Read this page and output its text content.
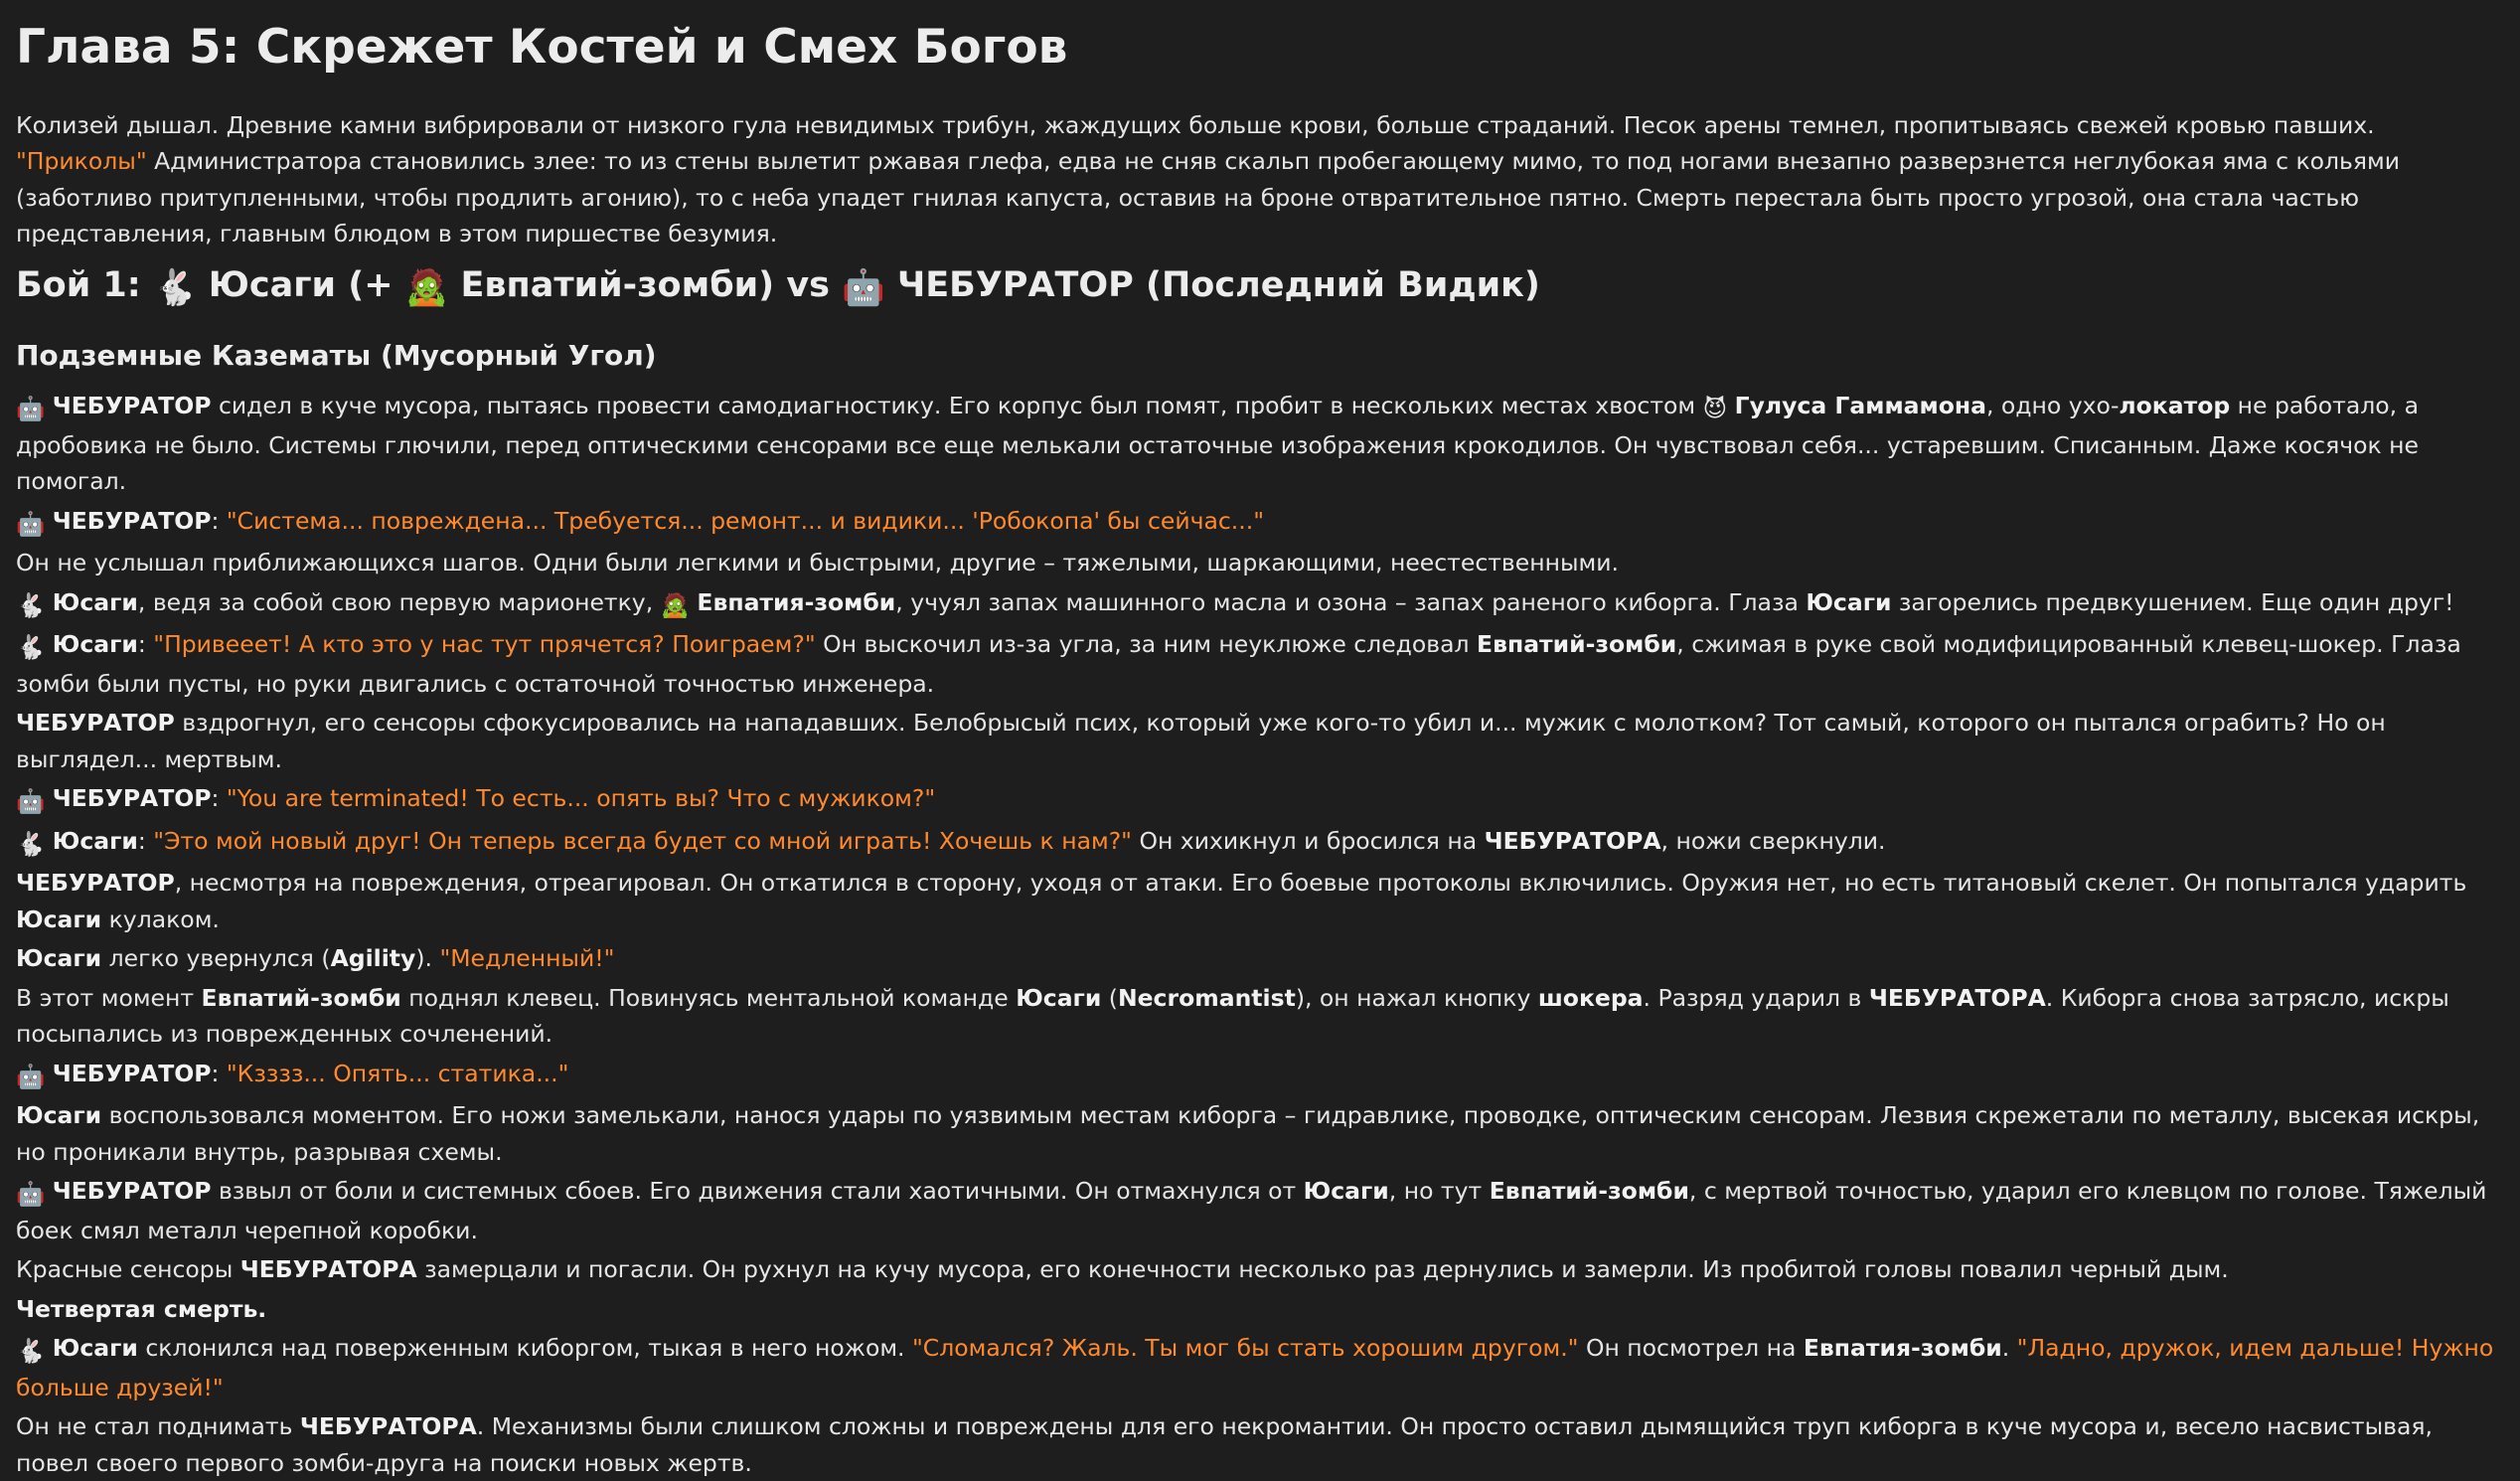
Глава 5: Скрежет Костей и Смех Богов

Колизей дышал. Древние камни вибрировали от низкого гула невидимых трибун, жаждущих больше крови, больше страданий. Песок арены темнел, пропитываясь свежей кровью павших. "Приколы" Администратора становились злее: то из стены вылетит ржавая глефа, едва не сняв скальп пробегающему мимо, то под ногами внезапно разверзнется неглубокая яма с кольями (заботливо притупленными, чтобы продлить агонию), то с неба упадет гнилая капуста, оставив на броне отвратительное пятно. Смерть перестала быть просто угрозой, она стала частью представления, главным блюдом в этом пиршестве безумия.

Бой 1: 🐇 Юсаги (+ 🧟 Евпатий-зомби) vs 🤖 ЧЕБУРАТОР (Последний Видик)
Подземные Казематы (Мусорный Угол)

🤖 ЧЕБУРАТОР сидел в куче мусора, пытаясь провести самодиагностику. Его корпус был помят, пробит в нескольких местах хвостом 😈 Гулуса Гаммамона, одно ухо-локатор не работало, а дробовика не было. Системы глючили, перед оптическими сенсорами все еще мелькали остаточные изображения крокодилов. Он чувствовал себя... устаревшим. Списанным. Даже косячок не помогал.

🤖 ЧЕБУРАТОР: "Система... повреждена... Требуется... ремонт... и видики... 'Робокопа' бы сейчас..."

Он не услышал приближающихся шагов. Одни были легкими и быстрыми, другие – тяжелыми, шаркающими, неестественными.

🐇 Юсаги, ведя за собой свою первую марионетку, 🧟 Евпатия-зомби, учуял запах машинного масла и озона – запах раненого киборга. Глаза Юсаги загорелись предвкушением. Еще один друг!

🐇 Юсаги: "Привееет! А кто это у нас тут прячется? Поиграем?" Он выскочил из-за угла, за ним неуклюже следовал Евпатий-зомби, сжимая в руке свой модифицированный клевец-шокер. Глаза зомби были пусты, но руки двигались с остаточной точностью инженера.

ЧЕБУРАТОР вздрогнул, его сенсоры сфокусировались на нападавших. Белобрысый псих, который уже кого-то убил и... мужик с молотком? Тот самый, которого он пытался ограбить? Но он выглядел... мертвым.

🤖 ЧЕБУРАТОР: "You are terminated! То есть... опять вы? Что с мужиком?"

🐇 Юсаги: "Это мой новый друг! Он теперь всегда будет со мной играть! Хочешь к нам?" Он хихикнул и бросился на ЧЕБУРАТОРА, ножи сверкнули.

ЧЕБУРАТОР, несмотря на повреждения, отреагировал. Он откатился в сторону, уходя от атаки. Его боевые протоколы включились. Оружия нет, но есть титановый скелет. Он попытался ударить Юсаги кулаком.

Юсаги легко увернулся (Agility). "Медленный!"

В этот момент Евпатий-зомби поднял клевец. Повинуясь ментальной команде Юсаги (Necromantist), он нажал кнопку шокера. Разряд ударил в ЧЕБУРАТОРА. Киборга снова затрясло, искры посыпались из поврежденных сочленений.

🤖 ЧЕБУРАТОР: "Кзззз... Опять... статика..."

Юсаги воспользовался моментом. Его ножи замелькали, нанося удары по уязвимым местам киборга – гидравлике, проводке, оптическим сенсорам. Лезвия скрежетали по металлу, высекая искры, но проникали внутрь, разрывая схемы.

🤖 ЧЕБУРАТОР взвыл от боли и системных сбоев. Его движения стали хаотичными. Он отмахнулся от Юсаги, но тут Евпатий-зомби, с мертвой точностью, ударил его клевцом по голове. Тяжелый боек смял металл черепной коробки.

Красные сенсоры ЧЕБУРАТОРА замерцали и погасли. Он рухнул на кучу мусора, его конечности несколько раз дернулись и замерли. Из пробитой головы повалил черный дым.

Четвертая смерть.

🐇 Юсаги склонился над поверженным киборгом, тыкая в него ножом. "Сломался? Жаль. Ты мог бы стать хорошим другом." Он посмотрел на Евпатия-зомби. "Ладно, дружок, идем дальше! Нужно больше друзей!"

Он не стал поднимать ЧЕБУРАТОРА. Механизмы были слишком сложны и повреждены для его некромантии. Он просто оставил дымящийся труп киборга в куче мусора и, весело насвистывая, повел своего первого зомби-друга на поиски новых жертв.
